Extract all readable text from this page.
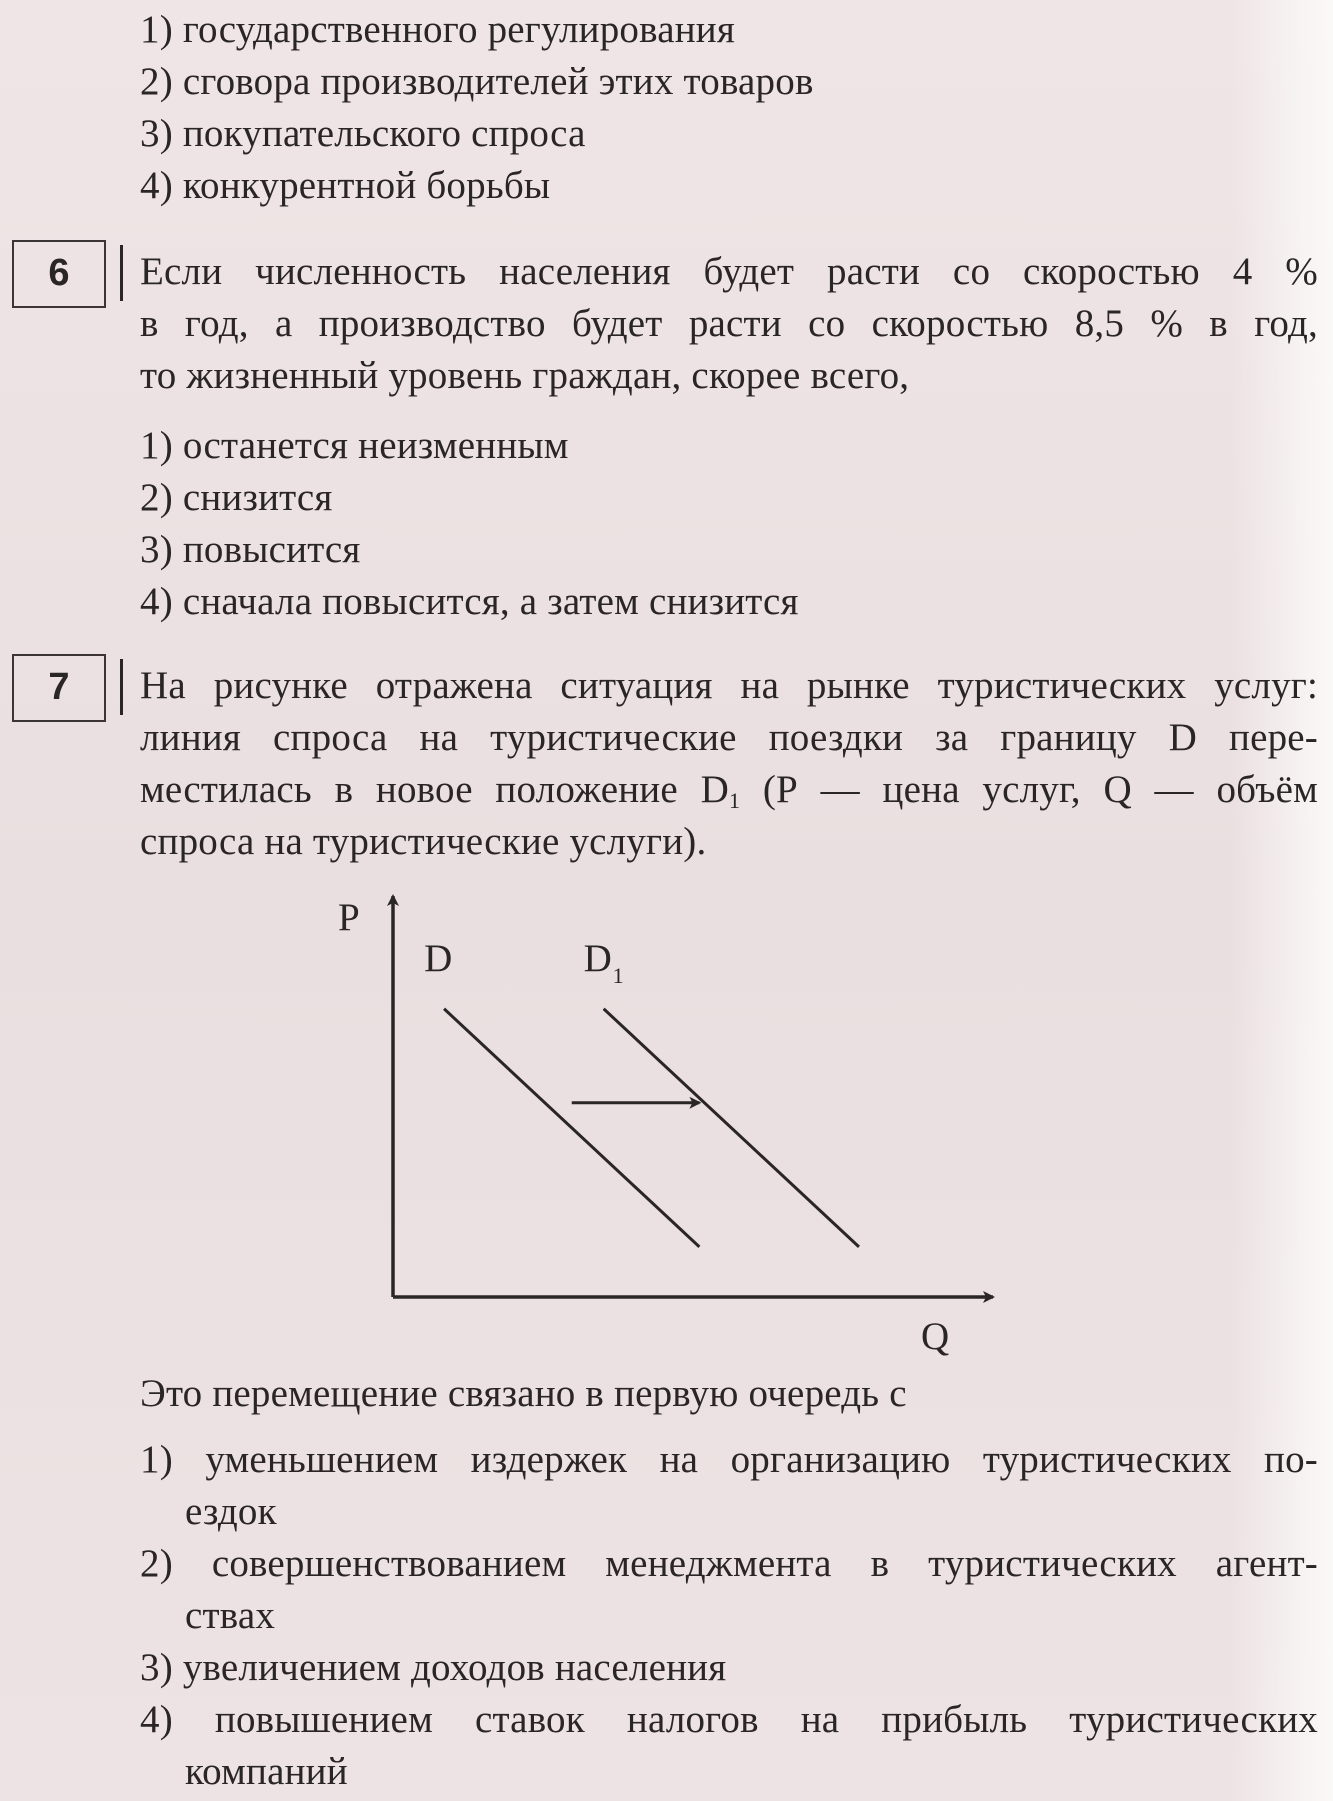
1) государственного регулирования
2) сговора производителей этих товаров
3) покупательского спроса
4) конкурентной борьбы
6	Если численность населения будет расти со скоростью 4 %
в год, а производство будет расти со скоростью 8,5 % в год,
то жизненный уровень граждан, скорее всего,
1) останется неизменным
2) снизится
3) повысится
4) сначала повысится, а затем снизится
7	На рисунке отражена ситуация на рынке туристических услуг:
линия спроса на туристические поездки за границу D пере-
местилась в новое положение $D_1$ (Р — цена услуг, Q — объём
спроса на туристические услуги).
P
Q
D	D 1
Это перемещение связано в первую очередь с
1) уменьшением издержек на организацию туристических по-
ездок
2) совершенствованием менеджмента в туристических агент-
ствах
3) увеличением доходов населения
4) повышением ставок налогов на прибыль туристических
компаний
